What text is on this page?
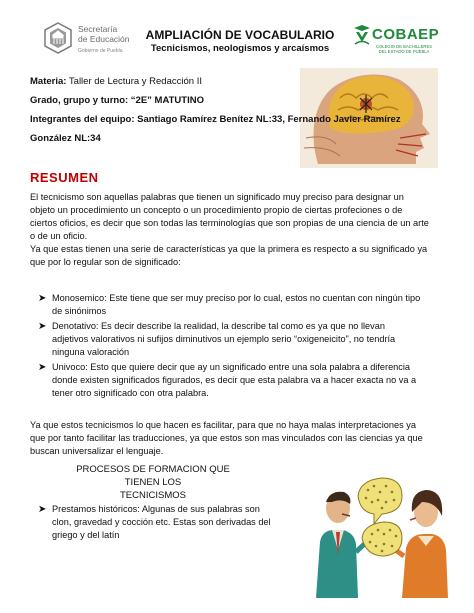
Secretaría
de Educación
Gobierno de Puebla
AMPLIACIÓN DE VOCABULARIO
Tecnicismos, neologismos y arcaísmos
COBAEP
COLEGIO DE BACHILLERES DEL ESTADO DE PUEBLA
Materia: Taller de Lectura y Redacción II
Grado, grupo y turno: “2E” MATUTINO
Integrantes del equipo: Santiago Ramírez Benítez NL:33, Fernando Javier Ramírez
González NL:34
RESUMEN
El tecnicismo son aquellas palabras que tienen un significado muy preciso para designar un
objeto un procedimiento un concepto o un procedimiento propio de ciertas profeciones o de
ciertos oficios, es decir que son todas las terminologías que son propias de una ciencia de un arte
o de un oficio.
Ya que estas tienen una serie de características ya que la primera es respecto a su significado ya
que por lo regular son de significado:
➤ Monosemico: Este tiene que ser muy preciso por lo cual, estos no cuentan con ningún tipo
de sinónimos
➤ Denotativo: Es decir describe la realidad, la describe tal como es ya que no llevan
adjetivos valorativos ni sufijos diminutivos un ejemplo serio “oxigeneicito”, no tendría
ninguna valoración
➤ Univoco: Esto que quiere decir que ay un significado entre una sola palabra a diferencia
donde existen significados figurados, es decir que esta palabra va a hacer exacta no va a
tener otro significado con otra palabra.
Ya que estos tecnicismos lo que hacen es facilitar, para que no haya malas interpretaciones ya
que por tanto facilitar las traducciones, ya que estos son mas vinculados con las ciencias ya que
buscan universalizar el lenguaje.
PROCESOS DE FORMACION QUE TIENEN LOS
TECNICISMOS
➤ Prestamos históricos: Algunas de sus palabras son
clon, gravedad y cocción etc. Estas son derivadas del
griego y del latín
